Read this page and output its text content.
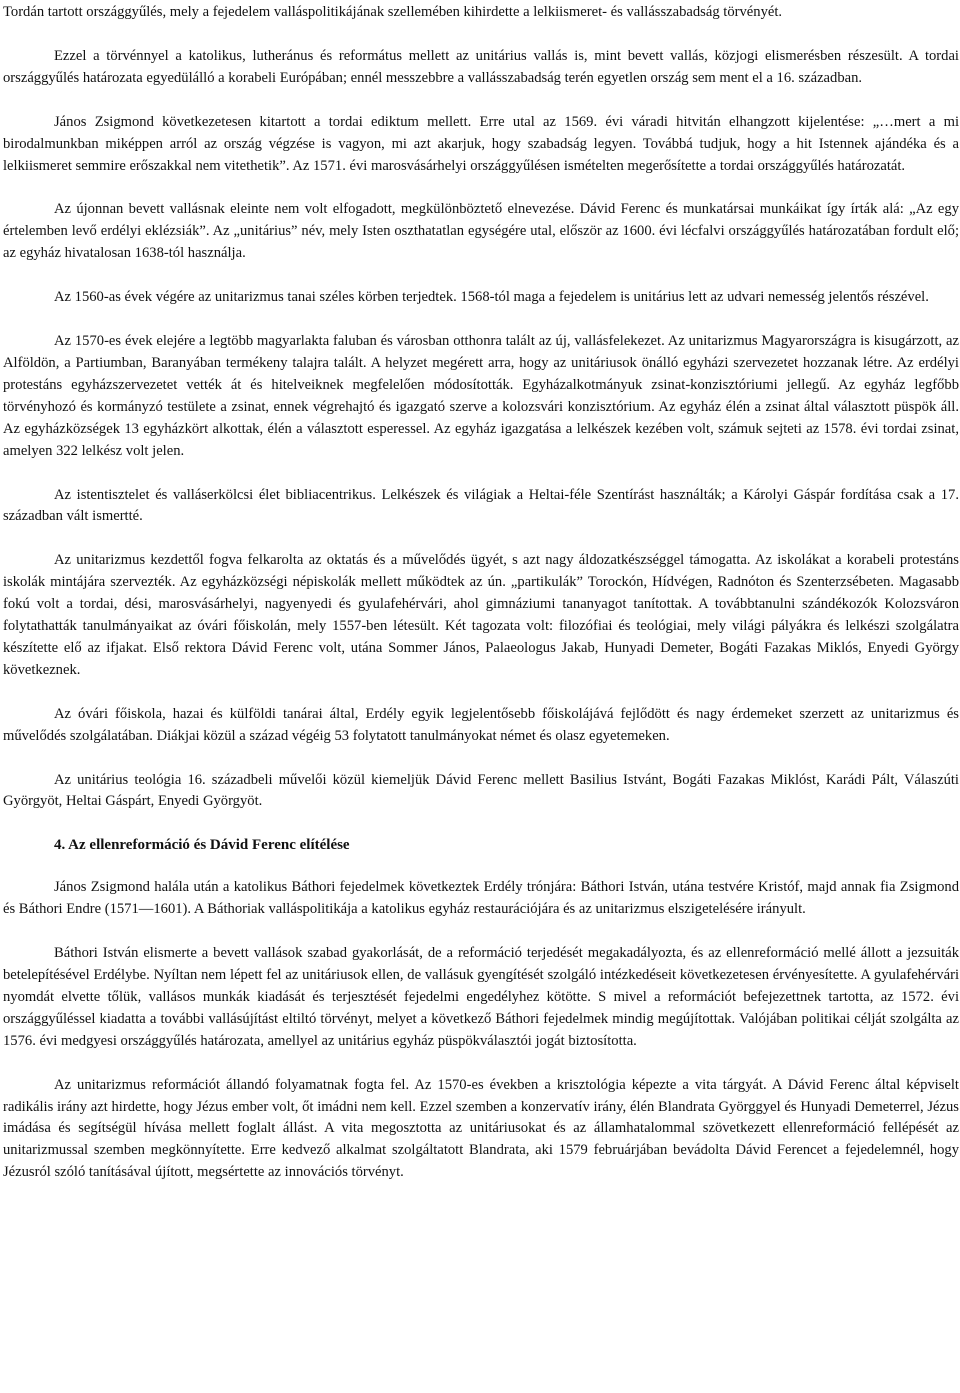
Tordán tartott országgyűlés, mely a fejedelem valláspolitikájának szellemében kihirdette a lelkiismeret- és vallásszabadság törvényét.

Ezzel a törvénnyel a katolikus, lutheránus és református mellett az unitárius vallás is, mint bevett vallás, közjogi elismerésben részesült. A tordai országgyűlés határozata egyedülálló a korabeli Európában; ennél messzebbre a vallásszabadság terén egyetlen ország sem ment el a 16. században.

János Zsigmond következetesen kitartott a tordai ediktum mellett. Erre utal az 1569. évi váradi hitvitán elhangzott kijelentése: „…mert a mi birodalmunkban miképpen arról az ország végzése is vagyon, mi azt akarjuk, hogy szabadság legyen. Továbbá tudjuk, hogy a hit Istennek ajándéka és a lelkiismeret semmire erőszakkal nem vitethetik”. Az 1571. évi marosvásárhelyi országgyűlésen ismételten megerősítette a tordai országgyűlés határozatát.

Az újonnan bevett vallásnak eleinte nem volt elfogadott, megkülönböztető elnevezése. Dávid Ferenc és munkatársai munkáikat így írták alá: „Az egy értelemben levő erdélyi eklézsiák”. Az „unitárius” név, mely Isten oszthatatlan egységére utal, először az 1600. évi lécfalvi országgyűlés határozatában fordult elő; az egyház hivatalosan 1638-tól használja.

Az 1560-as évek végére az unitarizmus tanai széles körben terjedtek. 1568-tól maga a fejedelem is unitárius lett az udvari nemesség jelentős részével.

Az 1570-es évek elejére a legtöbb magyarlakta faluban és városban otthonra talált az új, vallásfelekezet. Az unitarizmus Magyarországra is kisugárzott, az Alföldön, a Partiumban, Baranyában termékeny talajra talált. A helyzet megérett arra, hogy az unitáriusok önálló egyházi szervezetet hozzanak létre. Az erdélyi protestáns egyházszervezetet vették át és hitelveiknek megfelelően módosították. Egyházalkotmányuk zsinat-konzisztóriumi jellegű. Az egyház legfőbb törvényhozó és kormányzó testülete a zsinat, ennek végrehajtó és igazgató szerve a kolozsvári konzisztórium. Az egyház élén a zsinat által választott püspök áll. Az egyházközségek 13 egyházkört alkottak, élén a választott esperessel. Az egyház igazgatása a lelkészek kezében volt, számuk sejteti az 1578. évi tordai zsinat, amelyen 322 lelkész volt jelen.

Az istentisztelet és valláserkölcsi élet bibliacentrikus. Lelkészek és világiak a Heltai-féle Szentírást használták; a Károlyi Gáspár fordítása csak a 17. században vált ismertté.

Az unitarizmus kezdettől fogva felkarolta az oktatás és a művelődés ügyét, s azt nagy áldozatkészséggel támogatta. Az iskolákat a korabeli protestáns iskolák mintájára szervezték. Az egyházközségi népiskolák mellett működtek az ún. „partikulák” Torockón, Hídvégen, Radnóton és Szenterzsébeten. Magasabb fokú volt a tordai, dési, marosvásárhelyi, nagyenyedi és gyulafehérvári, ahol gimnáziumi tananyagot tanítottak. A továbbtanulni szándékozók Kolozsváron folytathatták tanulmányaikat az óvári főiskolán, mely 1557-ben létesült. Két tagozata volt: filozófiai és teológiai, mely világi pályákra és lelkészi szolgálatra készítette elő az ifjakat. Első rektora Dávid Ferenc volt, utána Sommer János, Palaeologus Jakab, Hunyadi Demeter, Bogáti Fazakas Miklós, Enyedi György következnek.

Az óvári főiskola, hazai és külföldi tanárai által, Erdély egyik legjelentősebb főiskolájává fejlődött és nagy érdemeket szerzett az unitarizmus és művelődés szolgálatában. Diákjai közül a század végéig 53 folytatott tanulmányokat német és olasz egyetemeken.

Az unitárius teológia 16. századbeli művelői közül kiemeljük Dávid Ferenc mellett Basilius Istvánt, Bogáti Fazakas Miklóst, Karádi Pált, Válaszúti Györgyöt, Heltai Gáspárt, Enyedi Györgyöt.

4. Az ellenreformáció és Dávid Ferenc elítélése

János Zsigmond halála után a katolikus Báthori fejedelmek következtek Erdély trónjára: Báthori István, utána testvére Kristóf, majd annak fia Zsigmond és Báthori Endre (1571—1601). A Báthoriak valláspolitikája a katolikus egyház restaurációjára és az unitarizmus elszigetelésére irányult.

Báthori István elismerte a bevett vallások szabad gyakorlását, de a reformáció terjedését megakadályozta, és az ellenreformáció mellé állott a jezsuiták betelepítésével Erdélybe. Nyíltan nem lépett fel az unitáriusok ellen, de vallásuk gyengítését szolgáló intézkedéseit következetesen érvényesítette. A gyulafehérvári nyomdát elvette tőlük, vallásos munkák kiadását és terjesztését fejedelmi engedélyhez kötötte. S mivel a reformációt befejezettnek tartotta, az 1572. évi országgyűléssel kiadatta a további vallásújítást eltiltó törvényt, melyet a következő Báthori fejedelmek mindig megújítottak. Valójában politikai célját szolgálta az 1576. évi medgyesi országgyűlés határozata, amellyel az unitárius egyház püspökválasztói jogát biztosította.

Az unitarizmus reformációt állandó folyamatnak fogta fel. Az 1570-es években a krisztológia képezte a vita tárgyát. A Dávid Ferenc által képviselt radikális irány azt hirdette, hogy Jézus ember volt, őt imádni nem kell. Ezzel szemben a konzervatív irány, élén Blandrata Györggyel és Hunyadi Demeterrel, Jézus imádása és segítségül hívása mellett foglalt állást. A vita megosztotta az unitáriusokat és az államhatalommal szövetkezett ellenreformáció fellépését az unitarizmussal szemben megkönnyítette. Erre kedvező alkalmat szolgáltatott Blandrata, aki 1579 februárjában bevádolta Dávid Ferencet a fejedelemnél, hogy Jézusról szóló tanításával újított, megsértette az innovációs törvényt.
